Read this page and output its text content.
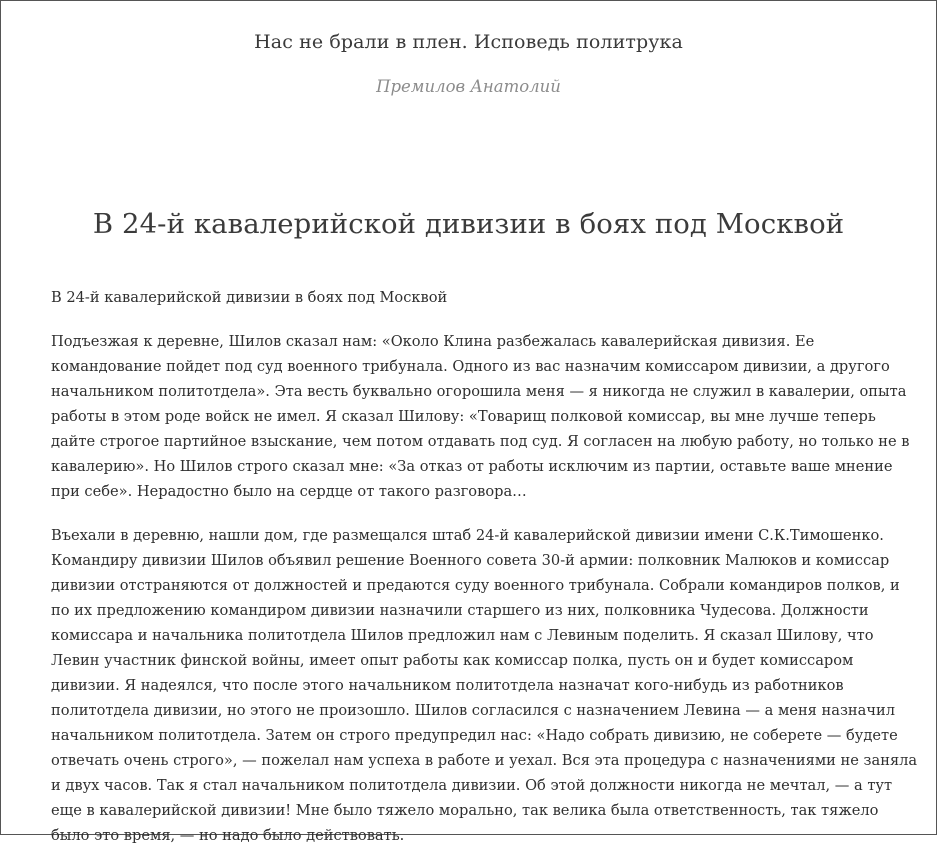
Нас не брали в плен. Исповедь политрука
Премилов Анатолий
В 24-й кавалерийской дивизии в боях под Москвой

В 24-й кавалерийской дивизии в боях под Москвой

Подъезжая к деревне, Шилов сказал нам: «Около Клина разбежалась кавалерийская дивизия. Ее командование пойдет под суд военного трибунала. Одного из вас назначим комиссаром дивизии, а другого начальником политотдела». Эта весть буквально огорошила меня — я никогда не служил в кавалерии, опыта работы в этом роде войск не имел. Я сказал Шилову: «Товарищ полковой комиссар, вы мне лучше теперь дайте строгое партийное взыскание, чем потом отдавать под суд. Я согласен на любую работу, но только не в кавалерию». Но Шилов строго сказал мне: «За отказ от работы исключим из партии, оставьте ваше мнение при себе». Нерадостно было на сердце от такого разговора…

Въехали в деревню, нашли дом, где размещался штаб 24-й кавалерийской дивизии имени С.К.Тимошенко. Командиру дивизии Шилов объявил решение Военного совета 30-й армии: полковник Малюков и комиссар дивизии отстраняются от должностей и предаются суду военного трибунала. Собрали командиров полков, и по их предложению командиром дивизии назначили старшего из них, полковника Чудесова. Должности комиссара и начальника политотдела Шилов предложил нам с Левиным поделить. Я сказал Шилову, что Левин участник финской войны, имеет опыт работы как комиссар полка, пусть он и будет комиссаром дивизии. Я надеялся, что после этого начальником политотдела назначат кого-нибудь из работников политотдела дивизии, но этого не произошло. Шилов согласился с назначением Левина — а меня назначил начальником политотдела. Затем он строго предупредил нас: «Надо собрать дивизию, не соберете — будете отвечать очень строго», — пожелал нам успеха в работе и уехал. Вся эта процедура с назначениями не заняла и двух часов. Так я стал начальником политотдела дивизии. Об этой должности никогда не мечтал, — а тут еще в кавалерийской дивизии! Мне было тяжело морально, так велика была ответственность, так тяжело было это время, — но надо было действовать.
